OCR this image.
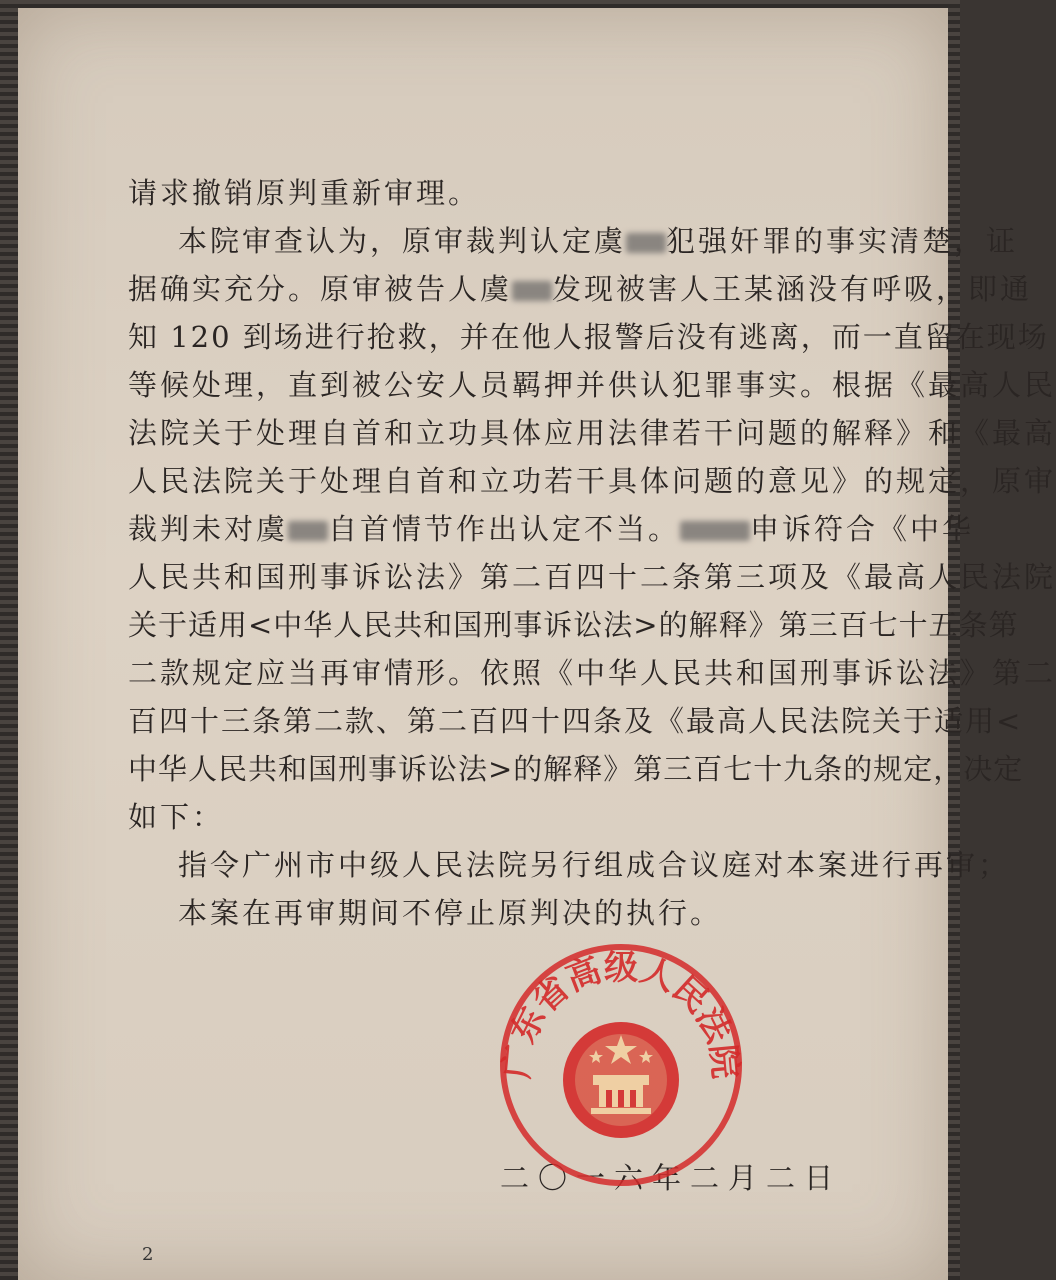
请求撤销原判重新审理。
本院审查认为，原审裁判认定虞 犯强奸罪的事实清楚，证
据确实充分。原审被告人虞 发现被害人王某涵没有呼吸，即通
知 120 到场进行抢救，并在他人报警后没有逃离，而一直留在现场
等候处理，直到被公安人员羁押并供认犯罪事实。根据《最高人民
法院关于处理自首和立功具体应用法律若干问题的解释》和《最高
人民法院关于处理自首和立功若干具体问题的意见》的规定，原审
裁判未对虞 自首情节作出认定不当。 申诉符合《中华
人民共和国刑事诉讼法》第二百四十二条第三项及《最高人民法院
关于适用<中华人民共和国刑事诉讼法>的解释》第三百七十五条第
二款规定应当再审情形。依照《中华人民共和国刑事诉讼法》第二
百四十三条第二款、第二百四十四条及《最高人民法院关于适用<
中华人民共和国刑事诉讼法>的解释》第三百七十九条的规定，决定
如下：
指令广州市中级人民法院另行组成合议庭对本案进行再审；
本案在再审期间不停止原判决的执行。
二〇一六年二月二日
2
广东省高级人民法院
